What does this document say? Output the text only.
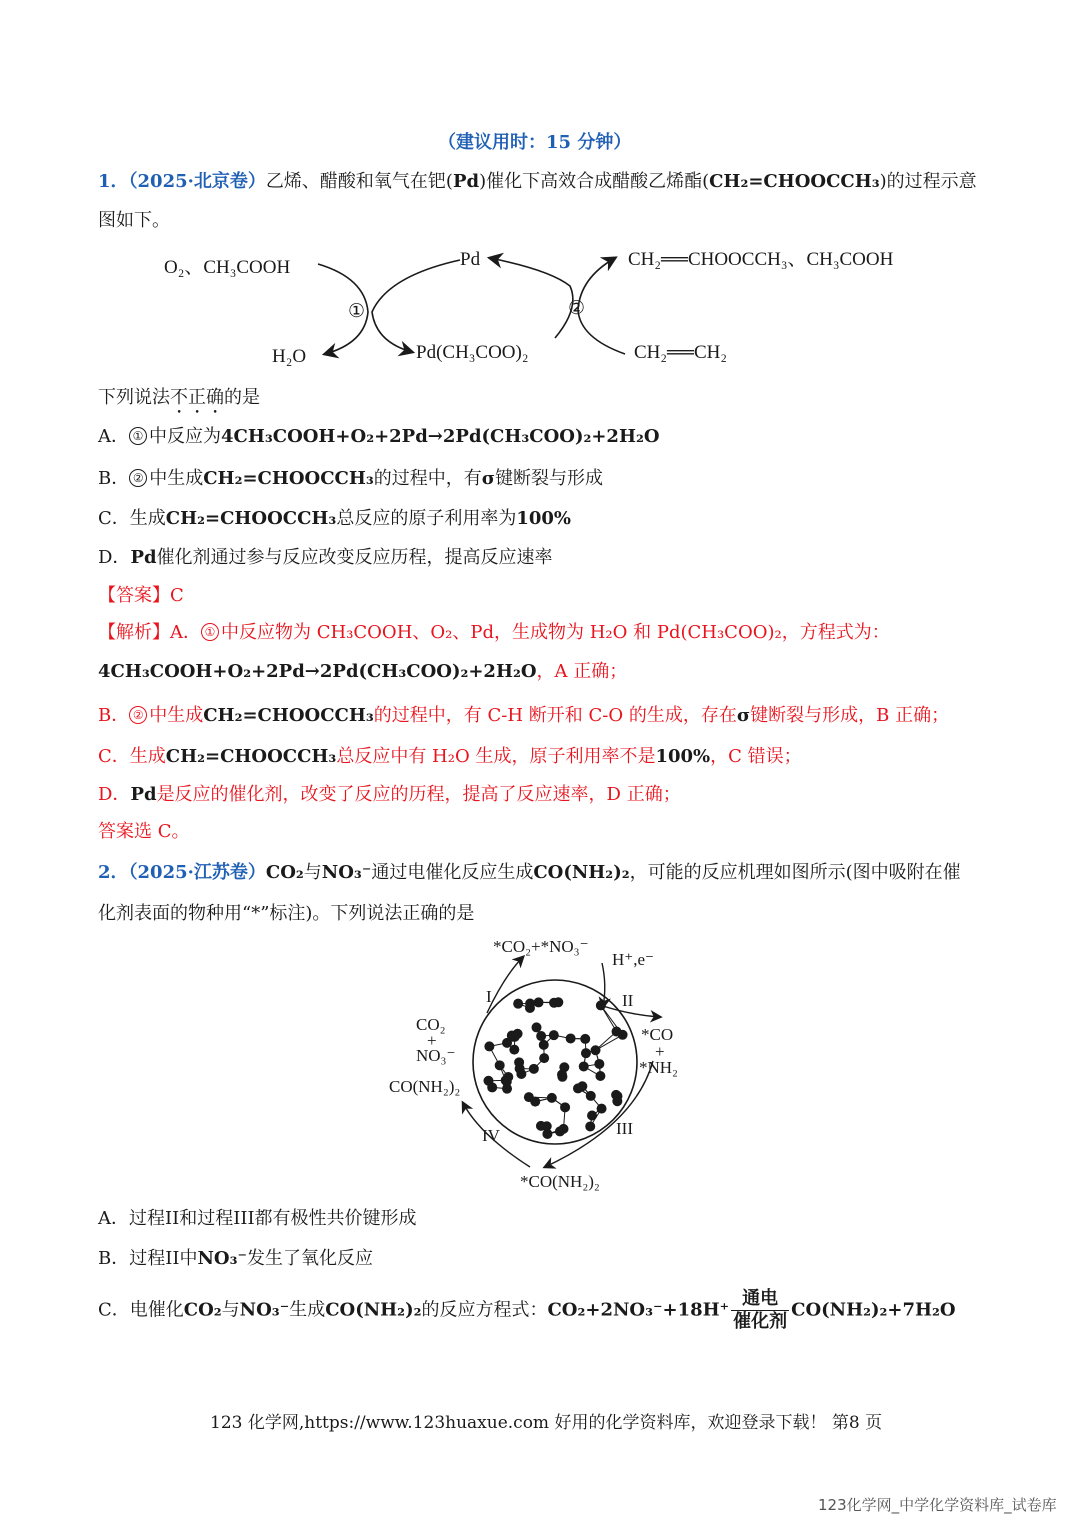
（建议用时：15 分钟）
1．（2025·北京卷）乙烯、醋酸和氧气在钯(Pd)催化下高效合成醋酸乙烯酯(CH₂=CHOOCCH₃)的过程示意
图如下。
O₂、CH₃COOH	Pd	CH₂══CHOOCCH₃、CH₃COOH
①	②
H₂O	Pd(CH₃COO)₂	CH₂══CH₂
下列说法不正确的是
A． ① 中反应为4CH₃COOH+O₂+2Pd→2Pd(CH₃COO)₂+2H₂O
B． ② 中生成CH₂=CHOOCCH₃的过程中，有σ键断裂与形成
C．生成CH₂=CHOOCCH₃总反应的原子利用率为100%
D．Pd催化剂通过参与反应改变反应历程，提高反应速率
【答案】C
【解析】A． ① 中反应物为 CH₃COOH、O₂、Pd，生成物为 H₂O 和 Pd(CH₃COO)₂，方程式为：
4CH₃COOH+O₂+2Pd→2Pd(CH₃COO)₂+2H₂O，A 正确；
B． ② 中生成CH₂=CHOOCCH₃的过程中，有 C-H 断开和 C-O 的生成，存在σ键断裂与形成，B 正确；
C．生成CH₂=CHOOCCH₃总反应中有 H₂O 生成，原子利用率不是100%，C 错误；
D．Pd是反应的催化剂，改变了反应的历程，提高了反应速率，D 正确；
答案选 C。
2．（2025·江苏卷）CO₂与NO₃⁻通过电催化反应生成CO(NH₂)₂，可能的反应机理如图所示(图中吸附在催
化剂表面的物种用“*”标注)。下列说法正确的是
*CO₂+*NO₃⁻
H⁺,e⁻
I	II
CO₂
+
NO₃⁻
*CO
+
*NH₂
CO(NH₂)₂
IV	III
*CO(NH₂)₂
A．过程II和过程III都有极性共价键形成
B．过程II中NO₃⁻发生了氧化反应
C．电催化CO₂与NO₃⁻生成CO(NH₂)₂的反应方程式：$CO_2+2NO_3^-+18H^+ \frac{\text{通电}}{\text{催化剂}} CO(NH_2)_2+7H_2O$
123 化学网,https://www.123huaxue.com 好用的化学资料库，欢迎登录下载！ 第8 页
123化学网_中学化学资料库_试卷库
